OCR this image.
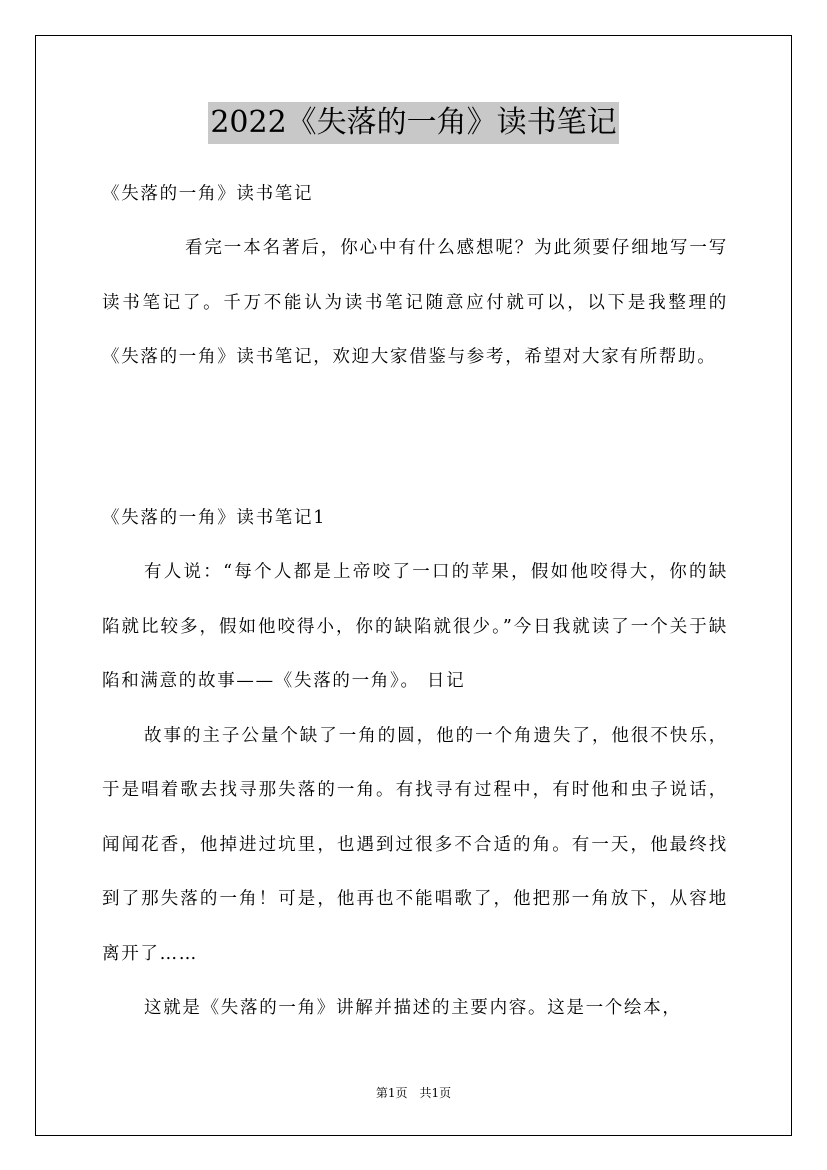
2022《失落的一角》读书笔记

《失落的一角》读书笔记

看完一本名著后，你心中有什么感想呢？为此须要仔细地写一写读书笔记了。千万不能认为读书笔记随意应付就可以，以下是我整理的《失落的一角》读书笔记，欢迎大家借鉴与参考，希望对大家有所帮助。

《失落的一角》读书笔记1

有人说：“每个人都是上帝咬了一口的苹果，假如他咬得大，你的缺陷就比较多，假如他咬得小，你的缺陷就很少。”今日我就读了一个关于缺陷和满意的故事——《失落的一角》。 日记

故事的主子公量个缺了一角的圆，他的一个角遗失了，他很不快乐，于是唱着歌去找寻那失落的一角。有找寻有过程中，有时他和虫子说话，闻闻花香，他掉进过坑里，也遇到过很多不合适的角。有一天，他最终找到了那失落的一角！可是，他再也不能唱歌了，他把那一角放下，从容地离开了……

这就是《失落的一角》讲解并描述的主要内容。这是一个绘本，

第1页　共1页
